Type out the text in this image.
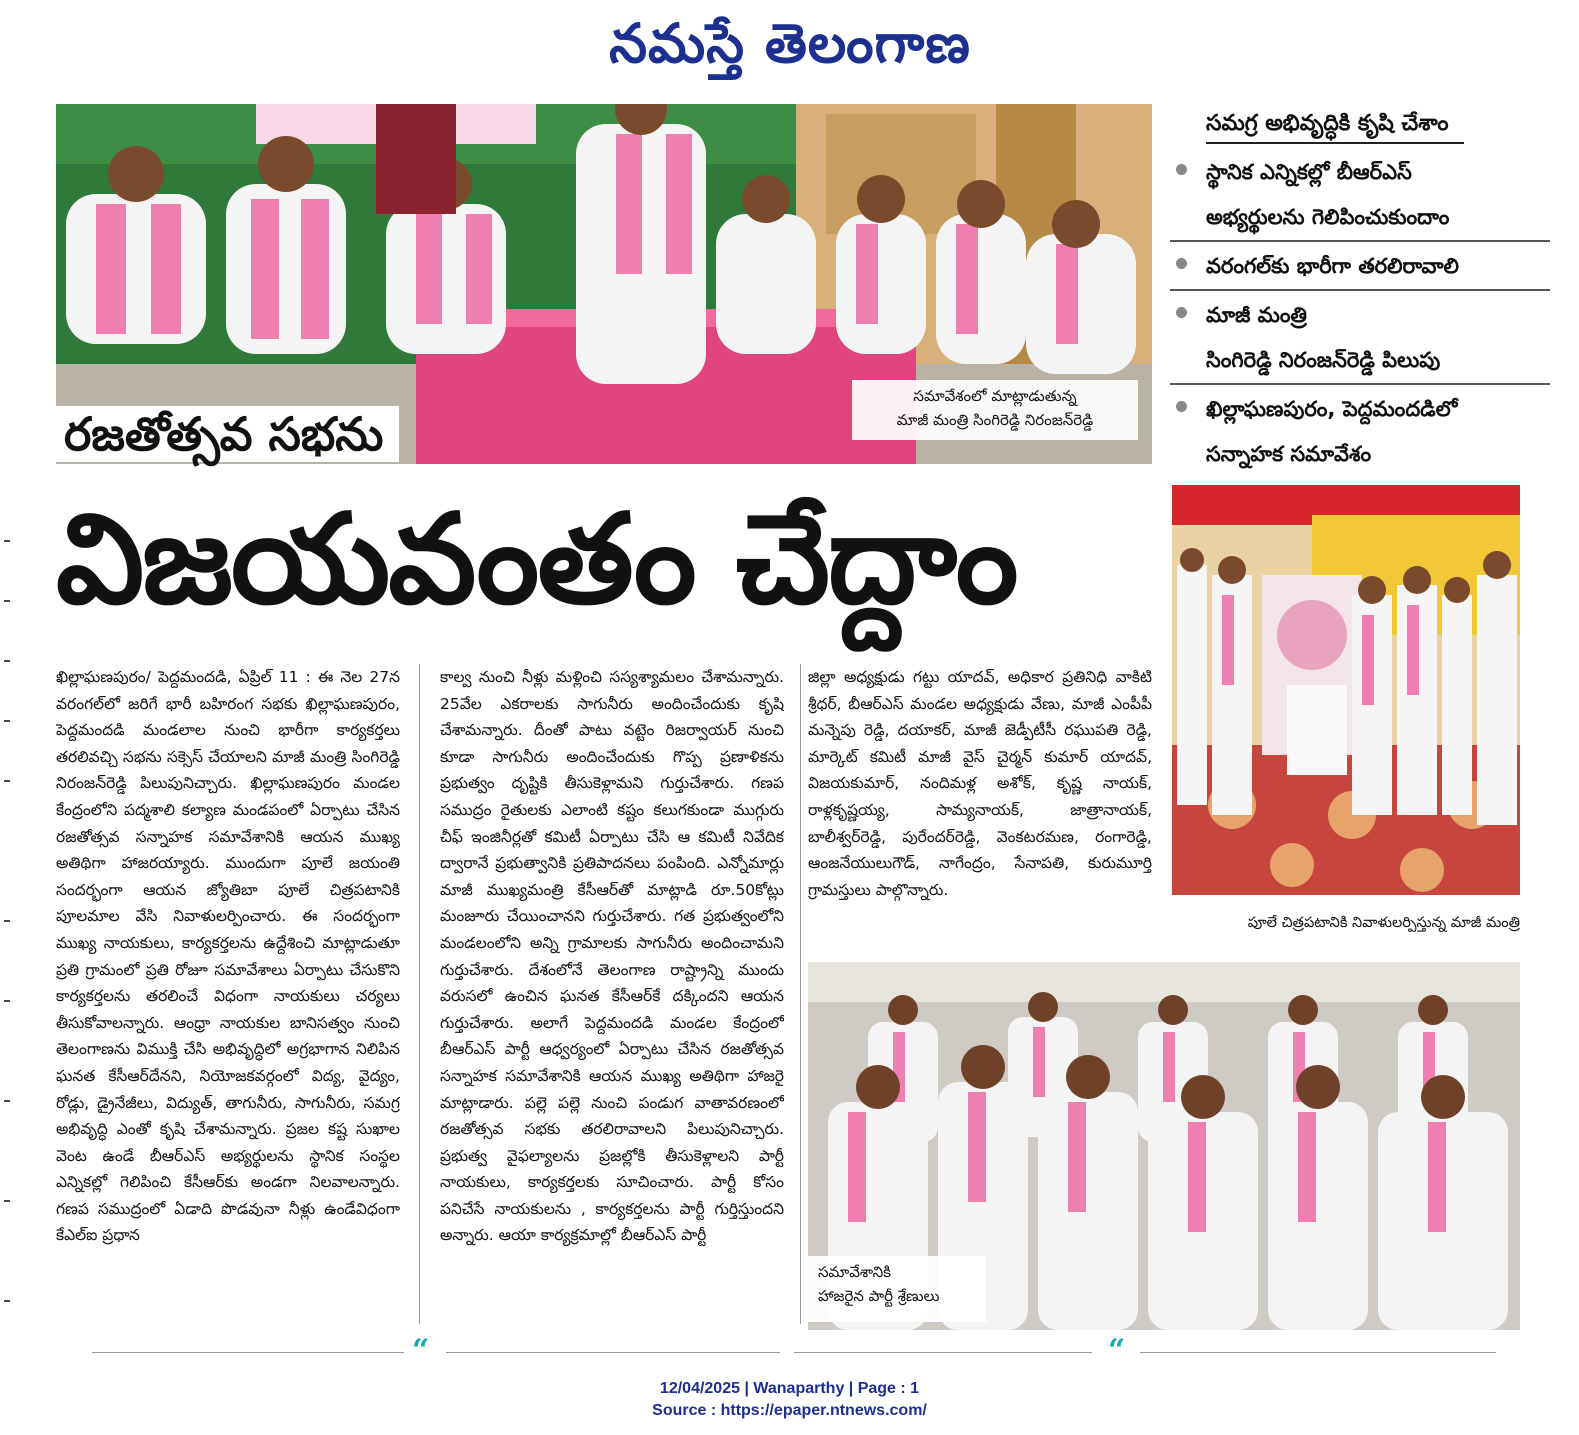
నమస్తే తెలంగాణ
సమావేశంలో మాట్లాడుతున్న
మాజీ మంత్రి సింగిరెడ్డి నిరంజన్‌రెడ్డి
రజతోత్సవ సభను
విజయవంతం చేద్దాం
సమగ్ర అభివృద్ధికి కృషి చేశాం
స్థానిక ఎన్నికల్లో బీఆర్‌ఎస్
అభ్యర్థులను గెలిపించుకుందాం
వరంగల్‌కు భారీగా తరలిరావాలి
మాజీ మంత్రి
సింగిరెడ్డి నిరంజన్‌రెడ్డి పిలుపు
ఖిల్లాఘణపురం, పెద్దమందడిలో
సన్నాహక సమావేశం
పూలే చిత్రపటానికి నివాళులర్పిస్తున్న మాజీ మంత్రి
సమావేశానికి
హాజరైన పార్టీ శ్రేణులు

ఖిల్లాఘణపురం/ పెద్దమందడి, ఏప్రిల్ 11 : ఈ నెల 27న వరంగల్‌లో జరిగే భారీ బహిరంగ సభకు ఖిల్లాఘణపురం, పెద్దమందడి మండలాల నుంచి భారీగా కార్యకర్తలు తరలివచ్చి సభను సక్సెస్ చేయాలని మాజీ మంత్రి సింగిరెడ్డి నిరంజన్‌రెడ్డి పిలుపునిచ్చారు. ఖిల్లాఘణపురం మండల కేంద్రంలోని పద్మశాలి కల్యాణ మండపంలో ఏర్పాటు చేసిన రజతోత్సవ సన్నాహక సమావేశానికి ఆయన ముఖ్య అతిథిగా హాజరయ్యారు. ముందుగా పూలే జయంతి సందర్భంగా ఆయన జ్యోతిబా పూలే చిత్రపటానికి పూలమాల వేసి నివాళులర్పించారు. ఈ సందర్భంగా ముఖ్య నాయకులు, కార్యకర్తలను ఉద్దేశించి మాట్లాడుతూ ప్రతి గ్రామంలో ప్రతి రోజూ సమావేశాలు ఏర్పాటు చేసుకొని కార్యకర్తలను తరలించే విధంగా నాయకులు చర్యలు తీసుకోవాలన్నారు. ఆంధ్రా నాయకుల బానిసత్వం నుంచి తెలంగాణను విముక్తి చేసి అభివృద్ధిలో అగ్రభాగాన నిలిపిన ఘనత కేసీఆర్‌దేనని, నియోజకవర్గంలో విద్య, వైద్యం, రోడ్లు, డ్రైనేజీలు, విద్యుత్, తాగునీరు, సాగునీరు, సమగ్ర అభివృద్ధి ఎంతో కృషి చేశామన్నారు. ప్రజల కష్ట సుఖాల వెంట ఉండే బీఆర్‌ఎస్ అభ్యర్థులను స్థానిక సంస్థల ఎన్నికల్లో గెలిపించి కేసీఆర్‌కు అండగా నిలవాలన్నారు. గణప సముద్రంలో ఏడాది పొడవునా నీళ్లు ఉండేవిధంగా కేఎల్‌ఐ ప్రధాన

కాల్వ నుంచి నీళ్లు మళ్లించి సస్యశ్యామలం చేశామన్నారు. 25వేల ఎకరాలకు సాగునీరు అందించేందుకు కృషి చేశామన్నారు. దీంతో పాటు వట్టెం రిజర్వాయర్ నుంచి కూడా సాగునీరు అందించేందుకు గొప్ప ప్రణాళికను ప్రభుత్వం దృష్టికి తీసుకెళ్లామని గుర్తుచేశారు. గణప సముద్రం రైతులకు ఎలాంటి కష్టం కలుగకుండా ముగ్గురు చీఫ్ ఇంజినీర్లతో కమిటీ ఏర్పాటు చేసి ఆ కమిటీ నివేదిక ద్వారానే ప్రభుత్వానికి ప్రతిపాదనలు పంపింది. ఎన్నోమార్లు మాజీ ముఖ్యమంత్రి కేసీఆర్‌తో మాట్లాడి రూ.50కోట్లు మంజూరు చేయించానని గుర్తుచేశారు. గత ప్రభుత్వంలోని మండలంలోని అన్ని గ్రామాలకు సాగునీరు అందించామని గుర్తుచేశారు. దేశంలోనే తెలంగాణ రాష్ట్రాన్ని ముందు వరుసలో ఉంచిన ఘనత కేసీఆర్‌కే దక్కిందని ఆయన గుర్తుచేశారు. అలాగే పెద్దమందడి మండల కేంద్రంలో బీఆర్‌ఎస్ పార్టీ ఆధ్వర్యంలో ఏర్పాటు చేసిన రజతోత్సవ సన్నాహక సమావేశానికి ఆయన ముఖ్య అతిథిగా హాజరై మాట్లాడారు. పల్లె పల్లె నుంచి పండుగ వాతావరణంలో రజతోత్సవ సభకు తరలిరావాలని పిలుపునిచ్చారు. ప్రభుత్వ వైఫల్యాలను ప్రజల్లోకి తీసుకెళ్లాలని పార్టీ నాయకులు, కార్యకర్తలకు సూచించారు. పార్టీ కోసం పనిచేసే నాయకులను , కార్యకర్తలను పార్టీ గుర్తిస్తుందని అన్నారు. ఆయా కార్యక్రమాల్లో బీఆర్‌ఎస్ పార్టీ

జిల్లా అధ్యక్షుడు గట్టు యాదవ్, అధికార ప్రతినిధి వాకిటి శ్రీధర్, బీఆర్‌ఎస్ మండల అధ్యక్షుడు వేణు, మాజీ ఎంపీపీ మన్నెపు రెడ్డి, దయాకర్, మాజీ జెడ్పీటీసీ రఘుపతి రెడ్డి, మార్కెట్ కమిటీ మాజీ వైస్ చైర్మన్ కుమార్ యాదవ్, విజయకుమార్, నందిమళ్ల అశోక్, కృష్ణ నాయక్, రాళ్లకృష్ణయ్య, సామ్యనాయక్, జాత్రానాయక్, బాలీశ్వర్‌రెడ్డి, పురేందర్‌రెడ్డి, వెంకటరమణ, రంగారెడ్డి, ఆంజనేయులుగౌడ్, నాగేంద్రం, సేనాపతి, కురుమూర్తి గ్రామస్తులు పాల్గొన్నారు.

“	“
12/04/2025 | Wanaparthy | Page : 1
Source : https://epaper.ntnews.com/
